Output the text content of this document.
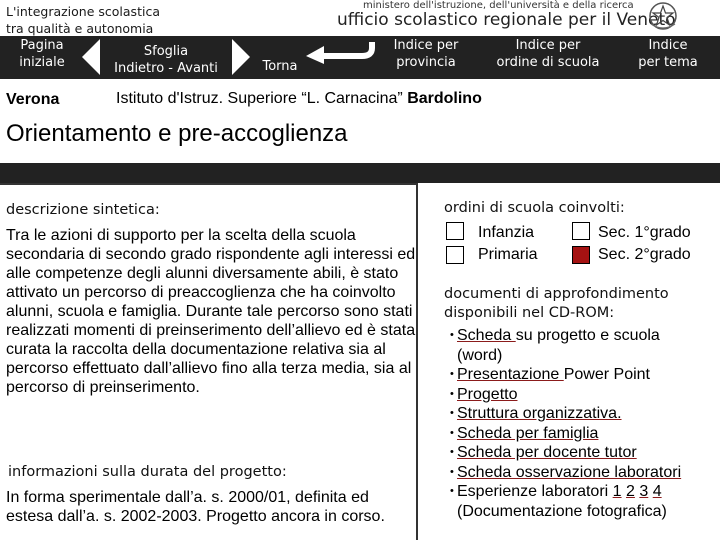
L'integrazione scolastica
tra qualità e autonomia
ministero dell'istruzione, dell'università e della ricerca
ufficio scolastico regionale per il Veneto
Pagina
iniziale
Sfoglia
Indietro - Avanti	Torna
Indice per
provincia
Indice per
ordine di scuola
Indice
per tema
Verona	Istituto d'Istruz. Superiore “L. Carnacina” Bardolino
Orientamento e pre-accoglienza
descrizione sintetica:
Tra le azioni di supporto per la scelta della scuola secondaria di secondo grado rispondente agli interessi ed alle competenze degli alunni diversamente abili, è stato attivato un percorso di preaccoglienza che ha coinvolto alunni, scuola e famiglia. Durante tale percorso sono stati realizzati momenti di preinserimento dell’allievo ed è stata curata la raccolta della documentazione relativa sia al percorso effettuato dall’allievo fino alla terza media, sia al percorso di preinserimento.
informazioni sulla durata del progetto:
In forma sperimentale dall’a. s. 2000/01, definita ed estesa dall’a. s. 2002-2003. Progetto ancora in corso.
ordini di scuola coinvolti:
Infanzia	Sec. 1°grado
Primaria	Sec. 2°grado
documenti di approfondimento
disponibili nel CD-ROM:
• Scheda su progetto e scuola
(word)
• Presentazione Power Point
• Progetto
• Struttura organizzativa.
• Scheda per famiglia
• Scheda per docente tutor
• Scheda osservazione laboratori
• Esperienze laboratori 1 2 3 4
(Documentazione fotografica)
